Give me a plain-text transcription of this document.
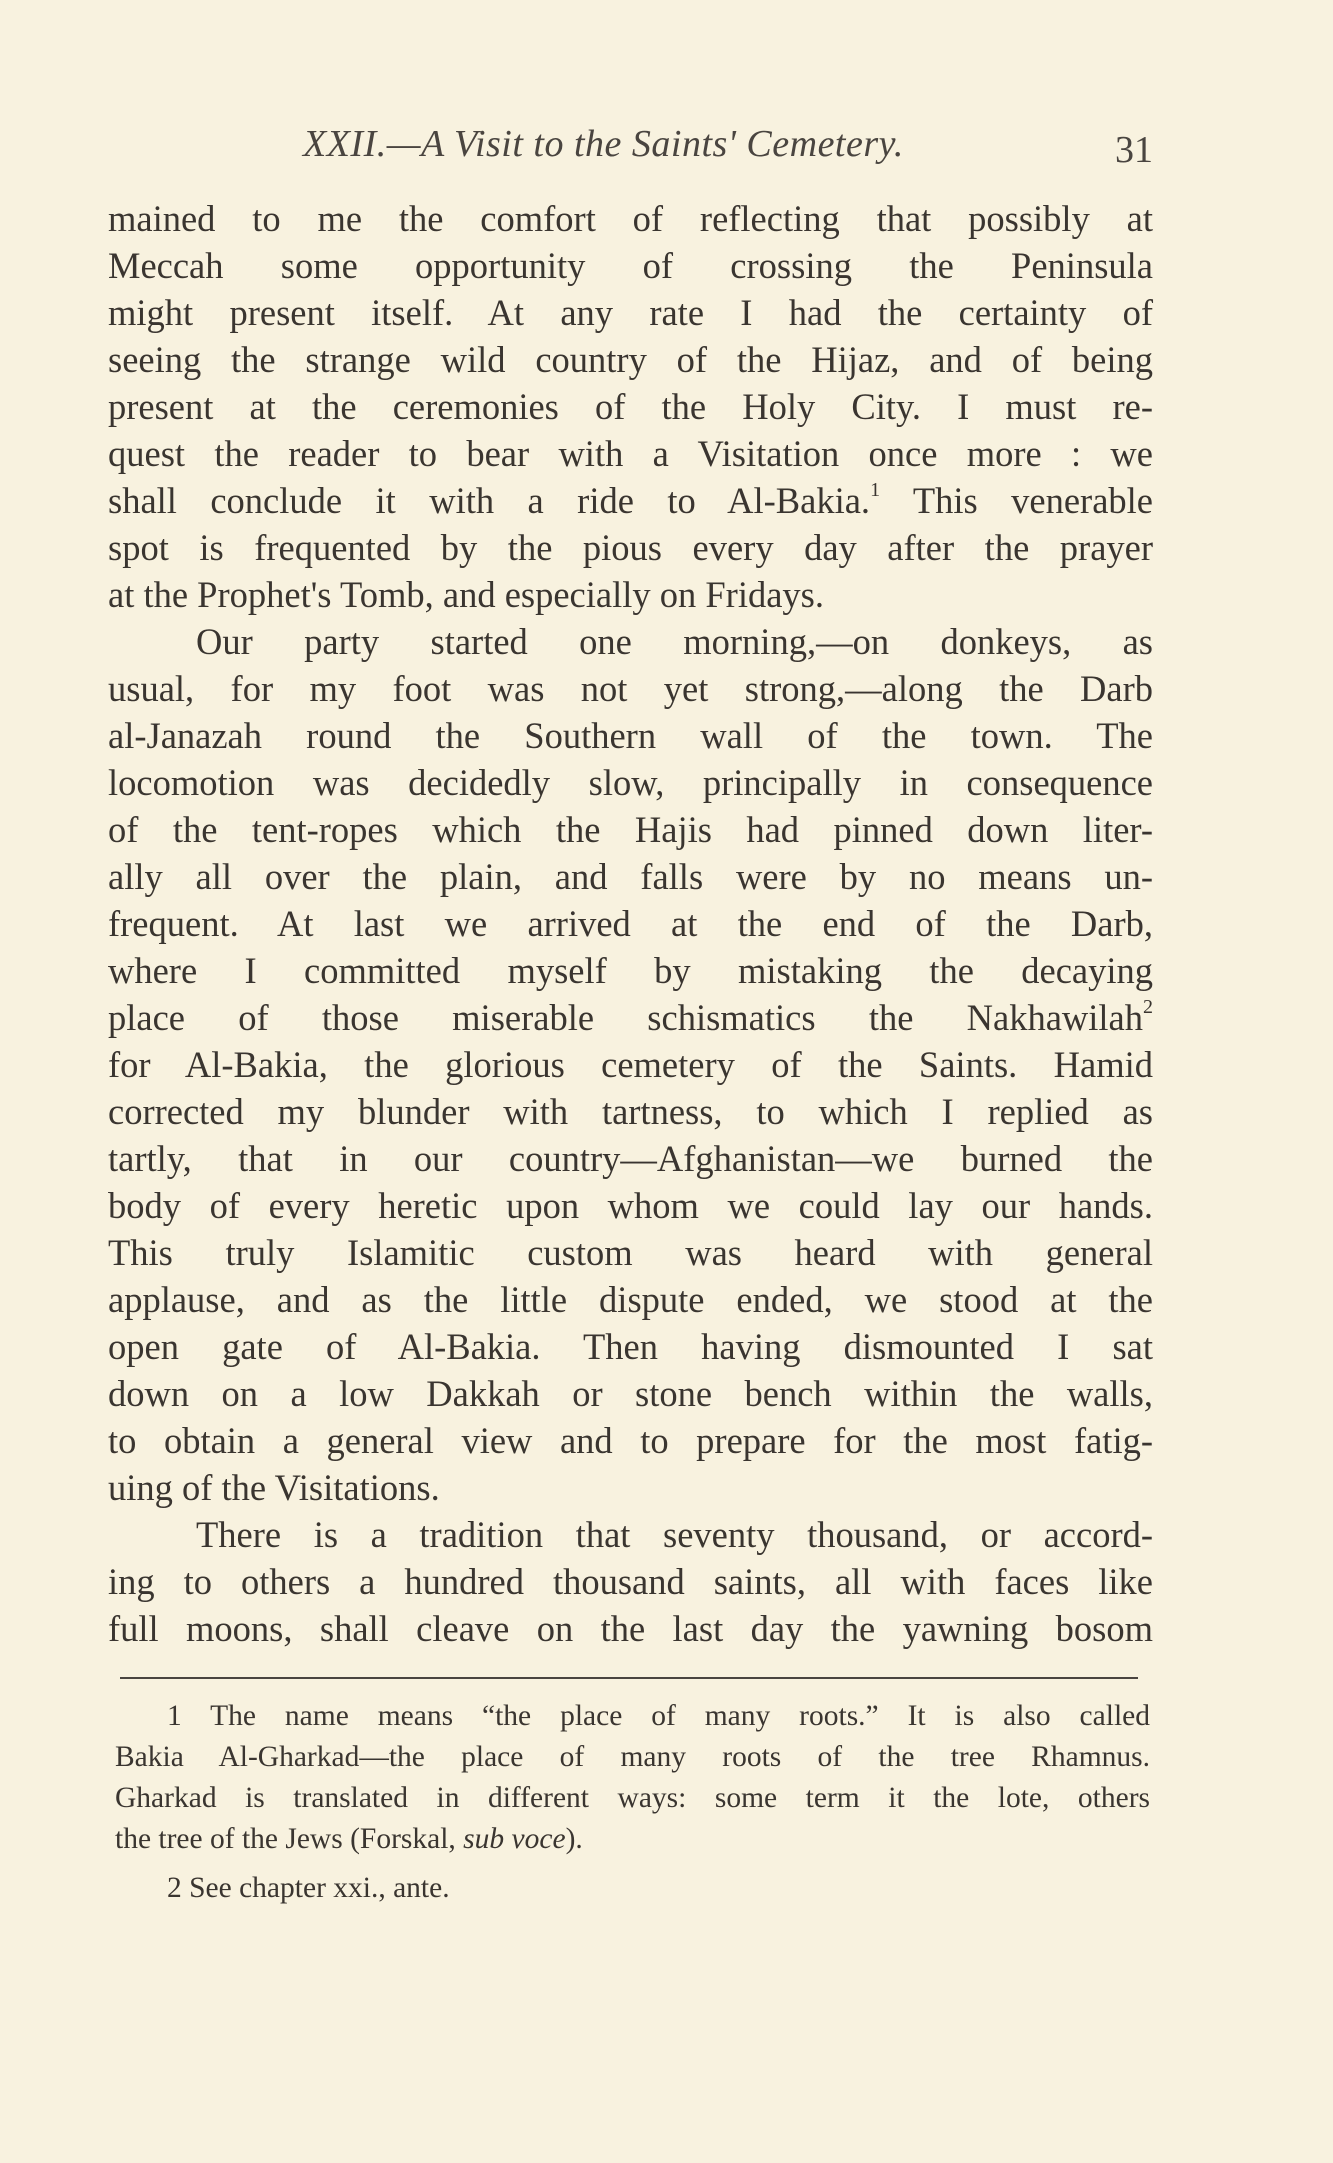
XXII.—A Visit to the Saints' Cemetery.	31
mained to me the comfort of reflecting that possibly at
Meccah some opportunity of crossing the Peninsula
might present itself. At any rate I had the certainty of
seeing the strange wild country of the Hijaz, and of being
present at the ceremonies of the Holy City. I must re-
quest the reader to bear with a Visitation once more : we
shall conclude it with a ride to Al-Bakia.$^1$ This venerable
spot is frequented by the pious every day after the prayer
at the Prophet's Tomb, and especially on Fridays.
Our party started one morning,—on donkeys, as
usual, for my foot was not yet strong,—along the Darb
al-Janazah round the Southern wall of the town. The
locomotion was decidedly slow, principally in consequence
of the tent-ropes which the Hajis had pinned down liter-
ally all over the plain, and falls were by no means un-
frequent. At last we arrived at the end of the Darb,
where I committed myself by mistaking the decaying
place of those miserable schismatics the Nakhawilah$^2$
for Al-Bakia, the glorious cemetery of the Saints. Hamid
corrected my blunder with tartness, to which I replied as
tartly, that in our country—Afghanistan—we burned the
body of every heretic upon whom we could lay our hands.
This truly Islamitic custom was heard with general
applause, and as the little dispute ended, we stood at the
open gate of Al-Bakia. Then having dismounted I sat
down on a low Dakkah or stone bench within the walls,
to obtain a general view and to prepare for the most fatig-
uing of the Visitations.
There is a tradition that seventy thousand, or accord-
ing to others a hundred thousand saints, all with faces like
full moons, shall cleave on the last day the yawning bosom
1 The name means “the place of many roots.” It is also called
Bakia Al-Gharkad—the place of many roots of the tree Rhamnus.
Gharkad is translated in different ways: some term it the lote, others
the tree of the Jews (Forskal, sub voce).
2 See chapter xxi., ante.
